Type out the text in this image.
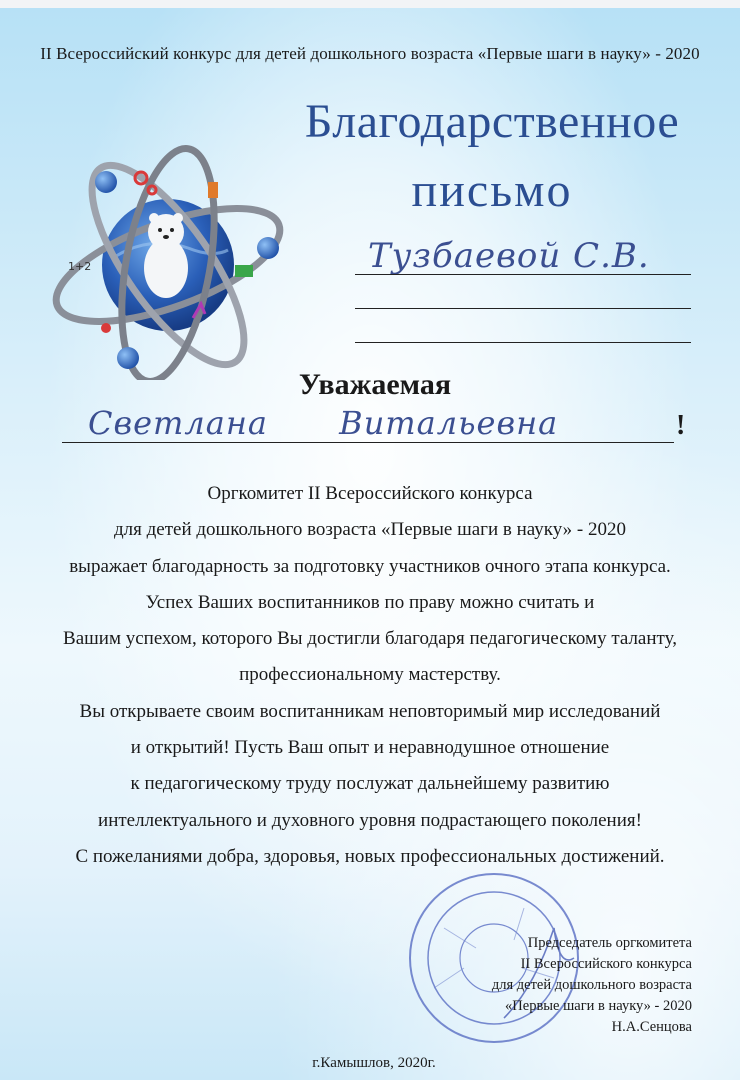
II Всероссийский конкурс для детей дошкольного возраста «Первые шаги в науку» - 2020
1+2
Благодарственное
письмо
Тузбаевой С.В.
Уважаемая
Светлана Витальевна	!
Оргкомитет II Всероссийского конкурса
для детей дошкольного возраста «Первые шаги в науку» - 2020
выражает благодарность за подготовку участников очного этапа конкурса.
Успех Ваших воспитанников по праву можно считать и
Вашим успехом, которого Вы достигли благодаря педагогическому таланту,
профессиональному мастерству.
Вы открываете своим воспитанникам неповторимый мир исследований
и открытий! Пусть Ваш опыт и неравнодушное отношение
к педагогическому труду послужат дальнейшему развитию
интеллектуального и духовного уровня подрастающего поколения!
С пожеланиями добра, здоровья, новых профессиональных достижений.
Председатель оргкомитета
II Всероссийского конкурса
для детей дошкольного возраста
«Первые шаги в науку» - 2020
Н.А.Сенцова
г.Камышлов, 2020г.
